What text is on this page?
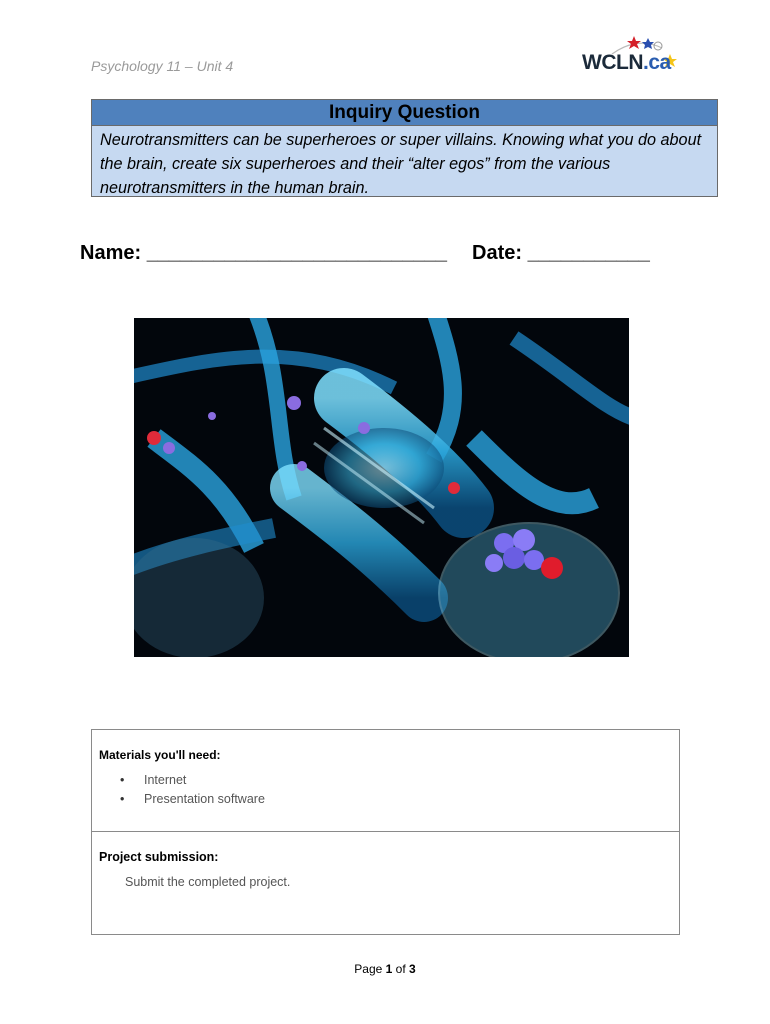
Psychology 11 – Unit 4	WCLN.ca
Inquiry Question
Neurotransmitters can be superheroes or super villains. Knowing what you do about the brain, create six superheroes and their “alter egos” from the various neurotransmitters in the human brain.
Name: ___________________________ Date: ___________
Materials you'll need:
• Internet
• Presentation software
Project submission:
Submit the completed project.
Page 1 of 3
